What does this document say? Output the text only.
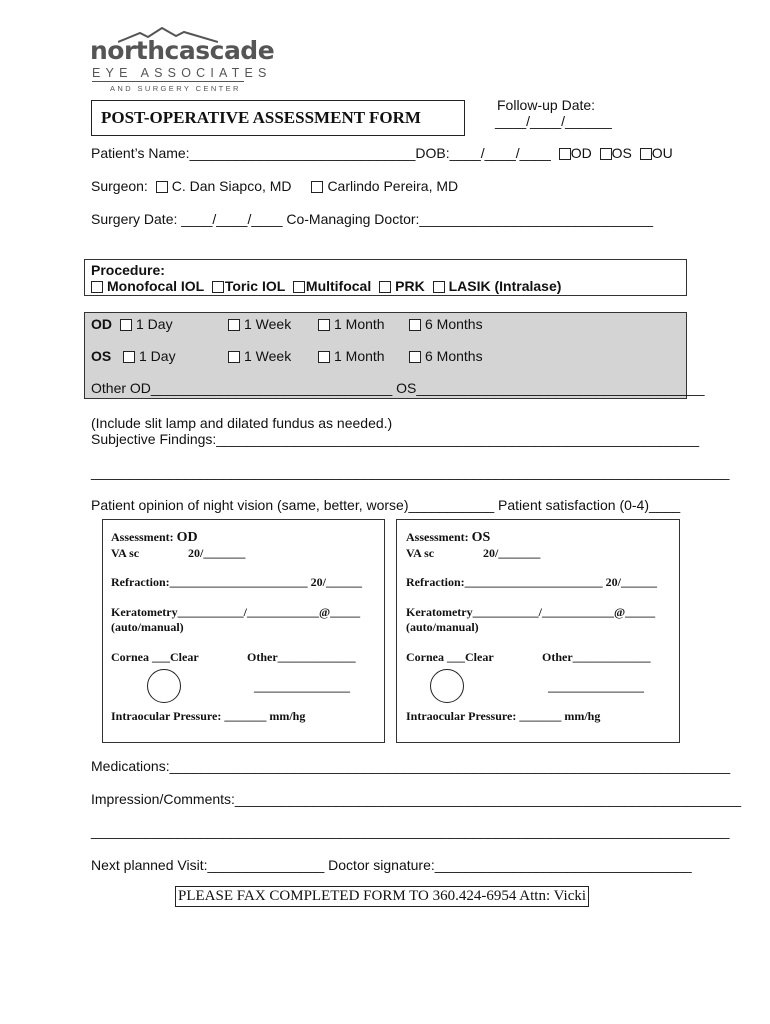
northcascade
EYE ASSOCIATES
AND SURGERY CENTER
POST-OPERATIVE ASSESSMENT FORM
Follow-up Date:
____/____/______
Patient’s Name:_____________________________DOB:____/____/____ OD OS OU
Surgeon: C. Dan Siapco, MD	Carlindo Pereira, MD
Surgery Date: ____/____/____ Co-Managing Doctor:______________________________
Procedure:
Monofocal IOL Toric IOL Multifocal PRK LASIK (Intralase)
OD	1 Day	1 Week	1 Month	6 Months
OS	1 Day	1 Week	1 Month	6 Months
Other OD_______________________________ OS_____________________________________
(Include slit lamp and dilated fundus as needed.)
Subjective Findings:______________________________________________________________
__________________________________________________________________________________
Patient opinion of night vision (same, better, worse)___________ Patient satisfaction (0-4)____
Assessment: OD
VA sc	20/_______
Refraction:_______________________ 20/______
Keratometry___________/____________@_____
(auto/manual)
Cornea ___Clear	Other_____________
________________
Intraocular Pressure: _______ mm/hg
Assessment: OS
VA sc	20/_______
Refraction:_______________________ 20/______
Keratometry___________/____________@_____
(auto/manual)
Cornea ___Clear	Other_____________
________________
Intraocular Pressure: _______ mm/hg
Medications:________________________________________________________________________
Impression/Comments:_________________________________________________________________
__________________________________________________________________________________
Next planned Visit:_______________ Doctor signature:_________________________________
PLEASE FAX COMPLETED FORM TO 360.424-6954 Attn: Vicki
